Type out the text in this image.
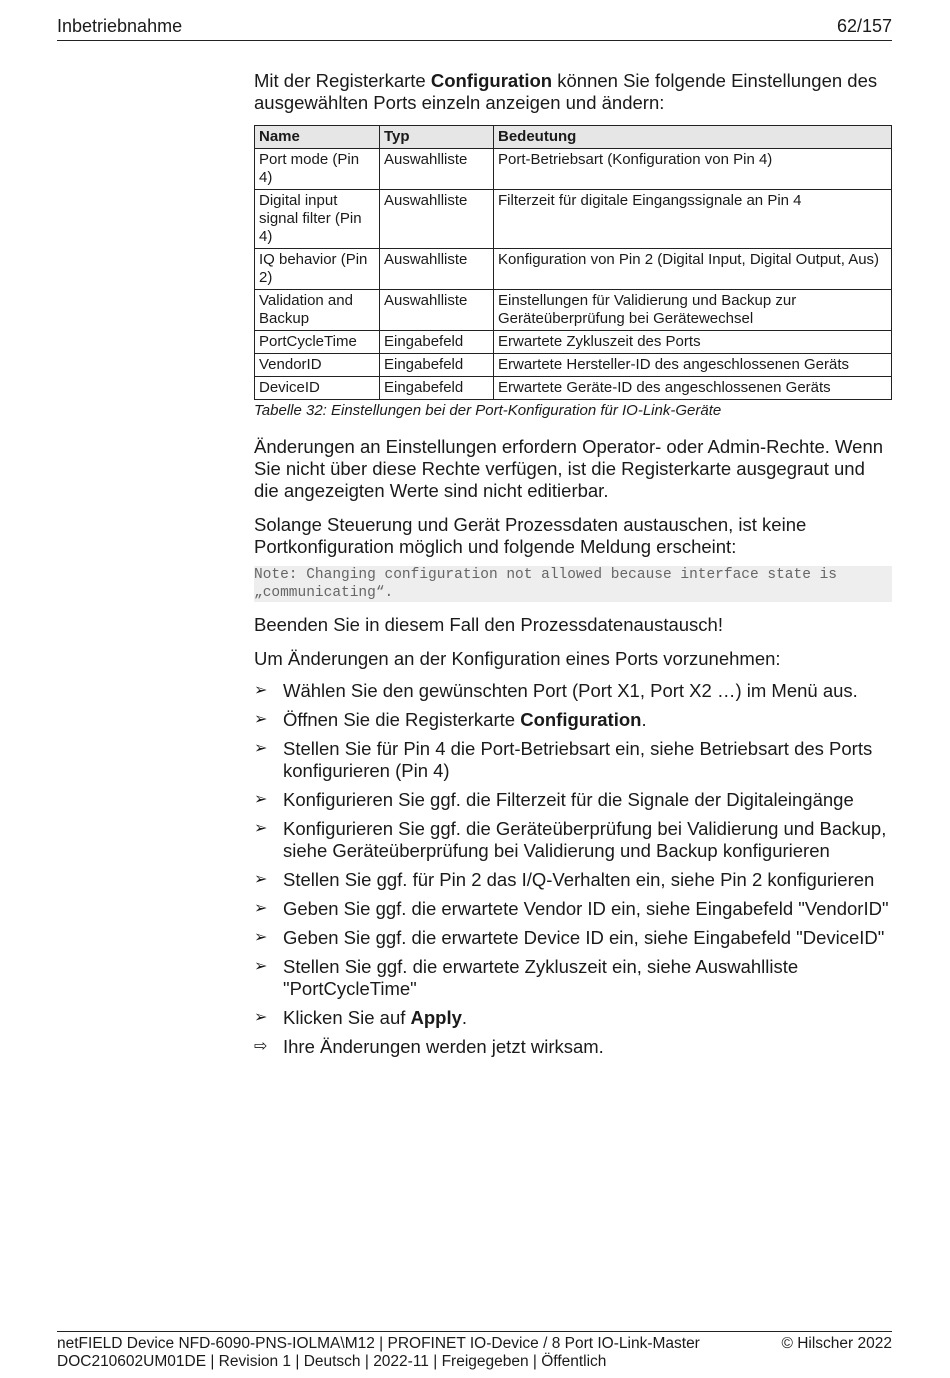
Inbetriebnahme	62/157

Mit der Registerkarte Configuration können Sie folgende Einstellungen des ausgewählten Ports einzeln anzeigen und ändern:

Name	Typ	Bedeutung
Port mode (Pin 4)	Auswahlliste	Port-Betriebsart (Konfiguration von Pin 4)
Digital input signal filter (Pin 4)	Auswahlliste	Filterzeit für digitale Eingangssignale an Pin 4
IQ behavior (Pin 2)	Auswahlliste	Konfiguration von Pin 2 (Digital Input, Digital Output, Aus)
Validation and Backup	Auswahlliste	Einstellungen für Validierung und Backup zur Geräteüberprüfung bei Gerätewechsel
PortCycleTime	Eingabefeld	Erwartete Zykluszeit des Ports
VendorID	Eingabefeld	Erwartete Hersteller-ID des angeschlossenen Geräts
DeviceID	Eingabefeld	Erwartete Geräte-ID des angeschlossenen Geräts
Tabelle 32: Einstellungen bei der Port-Konfiguration für IO-Link-Geräte

Änderungen an Einstellungen erfordern Operator- oder Admin-Rechte. Wenn Sie nicht über diese Rechte verfügen, ist die Registerkarte ausgegraut und die angezeigten Werte sind nicht editierbar.

Solange Steuerung und Gerät Prozessdaten austauschen, ist keine Portkonfiguration möglich und folgende Meldung erscheint:

Note: Changing configuration not allowed because interface state is „communicating“.

Beenden Sie in diesem Fall den Prozessdatenaustausch!

Um Änderungen an der Konfiguration eines Ports vorzunehmen:

➢ Wählen Sie den gewünschten Port (Port X1, Port X2 …) im Menü aus.
➢ Öffnen Sie die Registerkarte Configuration.
➢ Stellen Sie für Pin 4 die Port-Betriebsart ein, siehe Betriebsart des Ports konfigurieren (Pin 4)
➢ Konfigurieren Sie ggf. die Filterzeit für die Signale der Digitaleingänge
➢ Konfigurieren Sie ggf. die Geräteüberprüfung bei Validierung und Backup, siehe Geräteüberprüfung bei Validierung und Backup konfigurieren
➢ Stellen Sie ggf. für Pin 2 das I/Q-Verhalten ein, siehe Pin 2 konfigurieren
➢ Geben Sie ggf. die erwartete Vendor ID ein, siehe Eingabefeld "VendorID"
➢ Geben Sie ggf. die erwartete Device ID ein, siehe Eingabefeld "DeviceID"
➢ Stellen Sie ggf. die erwartete Zykluszeit ein, siehe Auswahlliste "PortCycleTime"
➢ Klicken Sie auf Apply.
⇨ Ihre Änderungen werden jetzt wirksam.
netFIELD Device NFD-6090-PNS-IOLMA\M12 | PROFINET IO-Device / 8 Port IO-Link-Master
DOC210602UM01DE | Revision 1 | Deutsch | 2022-11 | Freigegeben | Öffentlich
© Hilscher 2022
